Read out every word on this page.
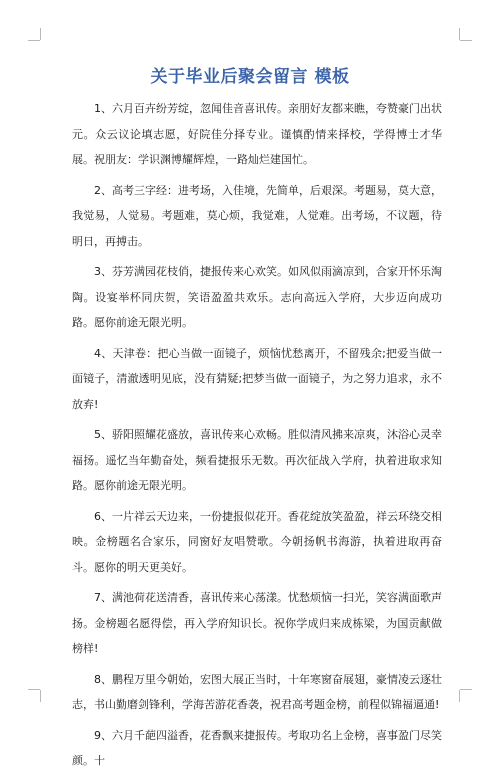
关于毕业后聚会留言 模板

1、六月百卉纷芳绽，忽闻佳音喜讯传。亲朋好友都来瞧，夸赞豪门出状元。众云议论填志愿，好院佳分择专业。谨慎酌情来择校，学得博士才华展。祝朋友：学识渊博耀辉煌，一路灿烂建国忙。

2、高考三字经：进考场，入佳境，先简单，后艰深。考题易，莫大意，我觉易，人觉易。考题难，莫心烦，我觉难，人觉难。出考场，不议题，待明日，再搏击。

3、芬芳满园花枝俏，捷报传来心欢笑。如风似雨滴凉到，合家开怀乐淘陶。设宴举杯同庆贺，笑语盈盈共欢乐。志向高远入学府，大步迈向成功路。愿你前途无限光明。

4、天津卷：把心当做一面镜子，烦恼忧愁离开，不留残余;把爱当做一面镜子，清澈透明见底，没有猜疑;把梦当做一面镜子，为之努力追求，永不放弃!

5、骄阳照耀花盛放，喜讯传来心欢畅。胜似清风拂来凉爽，沐浴心灵幸福扬。遥忆当年勤奋处，频看捷报乐无数。再次征战入学府，执着进取求知路。愿你前途无限光明。

6、一片祥云天边来，一份捷报似花开。香花绽放笑盈盈，祥云环绕交相映。金榜题名合家乐，同窗好友唱赞歌。今朝扬帆书海游，执着进取再奋斗。愿你的明天更美好。

7、满池荷花送清香，喜讯传来心荡漾。忧愁烦恼一扫光，笑容满面歌声扬。金榜题名愿得偿，再入学府知识长。祝你学成归来成栋梁，为国贡献做榜样!

8、鹏程万里今朝始，宏图大展正当时，十年寒窗奋展翅，豪情凌云逐壮志，书山勤磨剑锋利，学海苦游花香袭，祝君高考题金榜，前程似锦福逼通!

9、六月千葩四溢香，花香飘来捷报传。考取功名上金榜，喜事盈门尽笑颜。十
